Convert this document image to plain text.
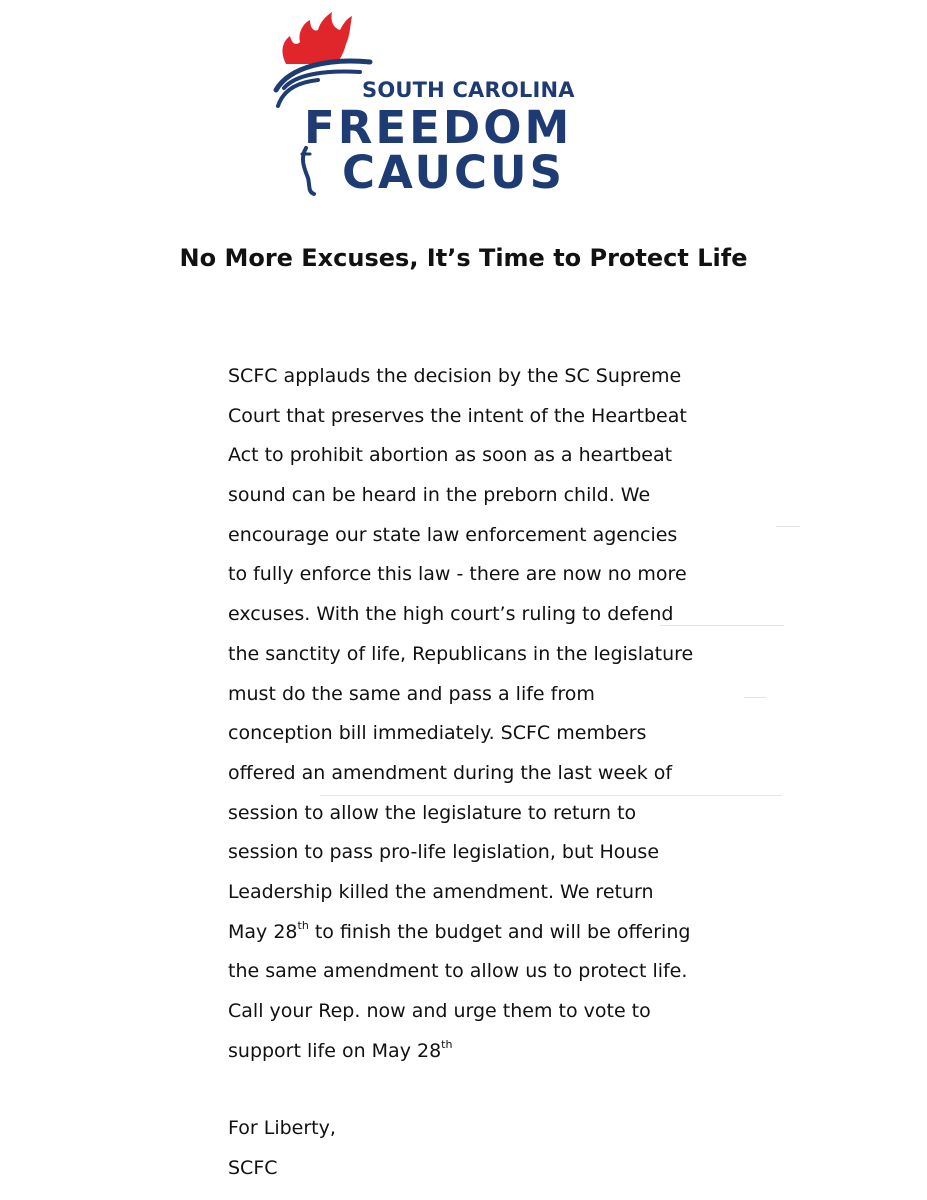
SOUTH CAROLINA
FREEDOM
CAUCUS
No More Excuses, It’s Time to Protect Life
SCFC applauds the decision by the SC Supreme
Court that preserves the intent of the Heartbeat
Act to prohibit abortion as soon as a heartbeat
sound can be heard in the preborn child. We
encourage our state law enforcement agencies
to fully enforce this law - there are now no more
excuses. With the high court’s ruling to defend
the sanctity of life, Republicans in the legislature
must do the same and pass a life from
conception bill immediately. SCFC members
offered an amendment during the last week of
session to allow the legislature to return to
session to pass pro-life legislation, but House
Leadership killed the amendment. We return
May 28th to finish the budget and will be offering
the same amendment to allow us to protect life.
Call your Rep. now and urge them to vote to
support life on May 28th
For Liberty,
SCFC
